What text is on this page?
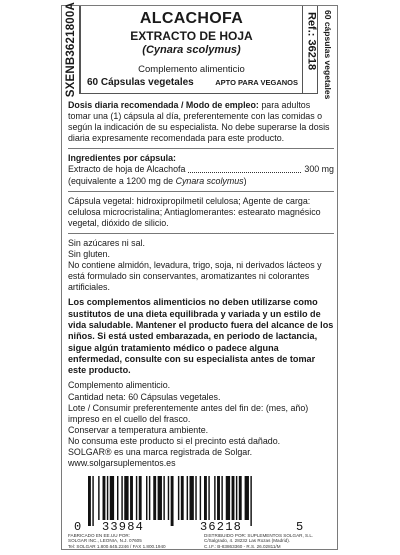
SXENB3621800A	ALCACHOFA
EXTRACTO DE HOJA
(Cynara scolymus)
Complemento alimenticio
60 Cápsulas vegetales	APTO PARA VEGANOS
Ref.: 36218 60 cápsulas vegetales

Dosis diaria recomendada / Modo de empleo: para adultos tomar una (1) cápsula al día, preferentemente con las comidas o según la indicación de su especialista. No debe superarse la dosis diaria expresamente recomendada para este producto.

Ingredientes por cápsula:
Extracto de hoja de Alcachofa	300 mg

(equivalente a 1200 mg de Cynara scolymus)

Cápsula vegetal: hidroxipropilmetil celulosa; Agente de carga: celulosa microcristalina; Antiaglomerantes: estearato magnésico vegetal, dióxido de silicio.

Sin azúcares ni sal.
Sin gluten.

No contiene almidón, levadura, trigo, soja, ni derivados lácteos y está formulado sin conservantes, aromatizantes ni colorantes artificiales.

Los complementos alimenticios no deben utilizarse como sustitutos de una dieta equilibrada y variada y un estilo de vida saludable. Mantener el producto fuera del alcance de los niños. Si está usted embarazada, en periodo de lactancia, sigue algún tratamiento médico o padece alguna enfermedad, consulte con su especialista antes de tomar este producto.

Complemento alimenticio.
Cantidad neta: 60 Cápsulas vegetales.
Lote / Consumir preferentemente antes del fin de: (mes, año) impreso en el cuello del frasco.
Conservar a temperatura ambiente.
No consuma este producto si el precinto está dañado.
SOLGAR® es una marca registrada de Solgar.
www.solgarsuplementos.es
0	33984	36218	5
FABRICADO EN EE.UU POR:
SOLGAR INC., LEONIA, N.J. 07605
Tel: SOLGAR 1.800.645.2246 / FAX 1.800.1940
DISTRIBUIDO POR: SUPLEMENTOS SOLGAR, S.L.
C/Salgrado, 4. 28232 Las Rozas (Madrid).
C.I.F.: B-83863360 - R.S. 26.02811/M
